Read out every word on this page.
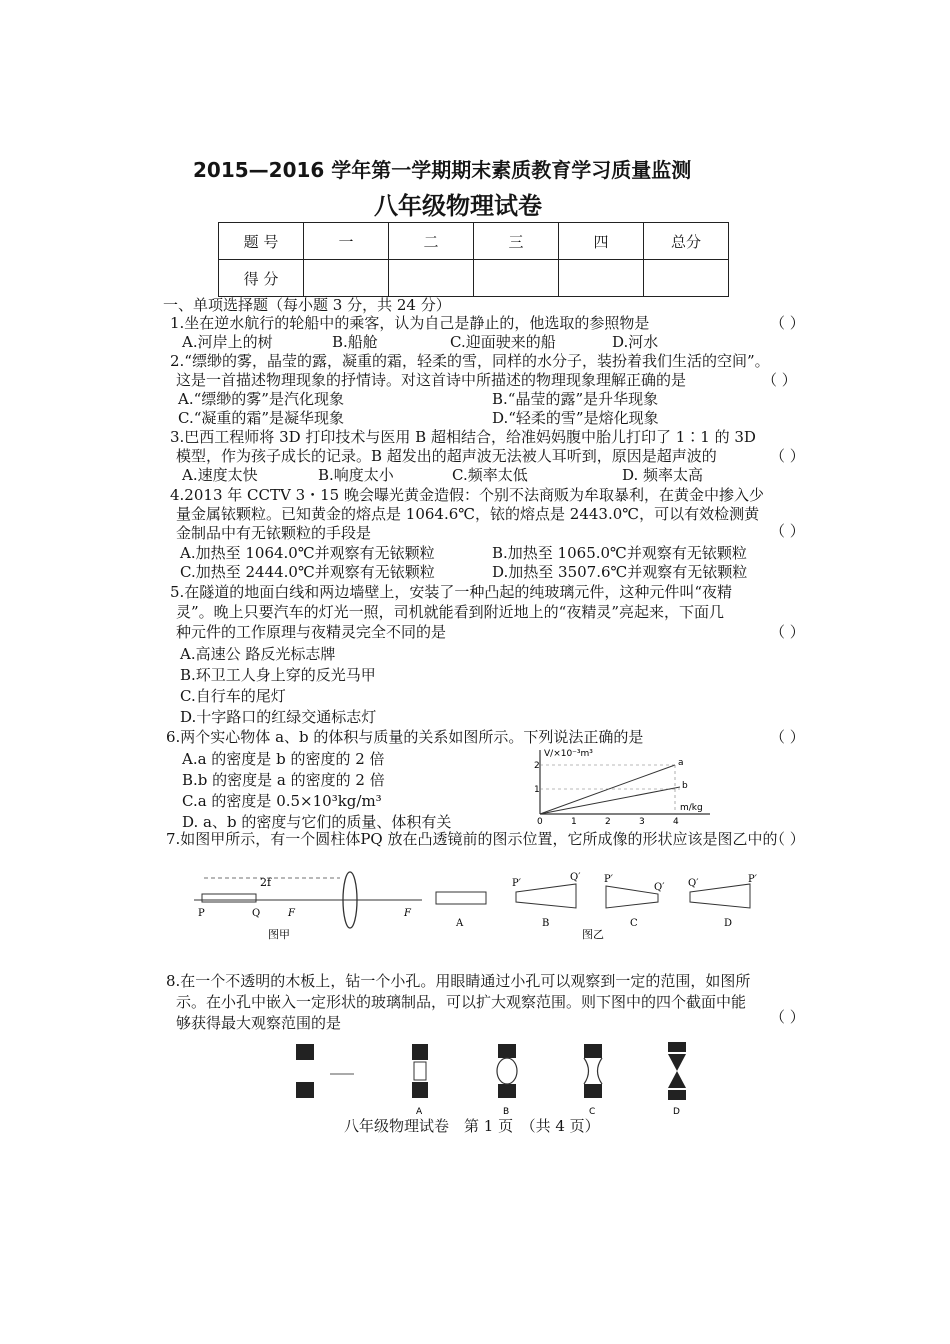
2015—2016 学年第一学期期末素质教育学习质量监测
八年级物理试卷
题 号	一	二	三	四	总分
得 分					
一、单项选择题（每小题 3 分，共 24 分）
1.坐在逆水航行的轮船中的乘客，认为自己是静止的，他选取的参照物是	（ ）
A.河岸上的树	B.船舱	C.迎面驶来的船	D.河水
2.“缥缈的雾，晶莹的露，凝重的霜，轻柔的雪，同样的水分子，装扮着我们生活的空间”。
这是一首描述物理现象的抒情诗。对这首诗中所描述的物理现象理解正确的是	（ ）
A.“缥缈的雾”是汽化现象	B.“晶莹的露”是升华现象
C.“凝重的霜”是凝华现象	D.“轻柔的雪”是熔化现象
3.巴西工程师将 3D 打印技术与医用 B 超相结合，给准妈妈腹中胎儿打印了 1∶1 的 3D
模型，作为孩子成长的记录。B 超发出的超声波无法被人耳听到，原因是超声波的	（ ）
A.速度太快	B.响度太小	C.频率太低	D. 频率太高
4.2013 年 CCTV 3・15 晚会曝光黄金造假：个别不法商贩为牟取暴利，在黄金中掺入少
量金属铱颗粒。已知黄金的熔点是 1064.6℃，铱的熔点是 2443.0℃，可以有效检测黄
金制品中有无铱颗粒的手段是	（ ）
A.加热至 1064.0℃并观察有无铱颗粒	B.加热至 1065.0℃并观察有无铱颗粒
C.加热至 2444.0℃并观察有无铱颗粒	D.加热至 3507.6℃并观察有无铱颗粒
5.在隧道的地面白线和两边墙壁上，安装了一种凸起的纯玻璃元件，这种元件叫“夜精
灵”。晚上只要汽车的灯光一照，司机就能看到附近地上的“夜精灵”亮起来，下面几
种元件的工作原理与夜精灵完全不同的是	（ ）
A.高速公 路反光标志牌
B.环卫工人身上穿的反光马甲
C.自行车的尾灯
D.十字路口的红绿交通标志灯
6.两个实心物体 a、b 的体积与质量的关系如图所示。下列说法正确的是	（ ）
A.a 的密度是 b 的密度的 2 倍
B.b 的密度是 a 的密度的 2 倍
C.a 的密度是 0.5×10³kg/m³
D. a、b 的密度与它们的质量、体积有关
V/×10⁻³m³
m/kg
a
b
1
2
0	1	2	3	4
7.如图甲所示，有一个圆柱体PQ 放在凸透镜前的图示位置，它所成像的形状应该是图乙中的
（ ）
2f
P	Q	F	F
图甲
A
P′
Q′
B
P′
Q′
C
Q′	P′
D
图乙
8.在一个不透明的木板上，钻一个小孔。用眼睛通过小孔可以观察到一定的范围，如图所
示。在小孔中嵌入一定形状的玻璃制品，可以扩大观察范围。则下图中的四个截面中能
够获得最大观察范围的是	（ ）
A	B	C	D
八年级物理试卷　第 1 页　（共 4 页）
